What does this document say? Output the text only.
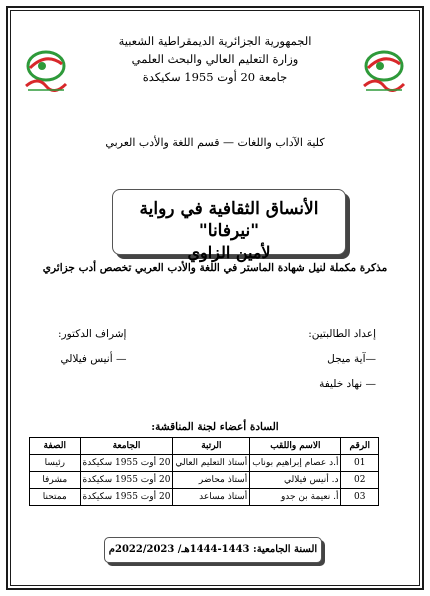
الجمهورية الجزائرية الديمقراطية الشعبية
وزارة التعليم العالي والبحث العلمي
جامعة 20 أوت 1955 سكيكدة
كلية الآداب واللغات — قسم اللغة والأدب العربي
الأنساق الثقافية في رواية "نيرفانا"
لأمين الزاوي
مذكرة مكملة لنيل شهادة الماستر في اللغة والأدب العربي تخصص أدب جزائري
إعداد الطالبتين:
—آية ميجل
— نهاد خليفة
إشراف الدكتور:
— أنيس فيلالي
السادة أعضاء لجنة المناقشة:
الرقم	الاسم واللقب	الرتبة	الجامعة	الصفة
01	أ.د عصام إبراهيم بوناب	أستاذ التعليم العالي	20 أوت 1955 سكيكدة	رئيسا
02	د. أنيس فيلالي	أستاذ محاضر	20 أوت 1955 سكيكدة	مشرفا
03	أ. نعيمة بن جدو	أستاذ مساعد	20 أوت 1955 سكيكدة	ممتحنا
السنة الجامعية: 1443-1444هـ/ 2022/2023م
